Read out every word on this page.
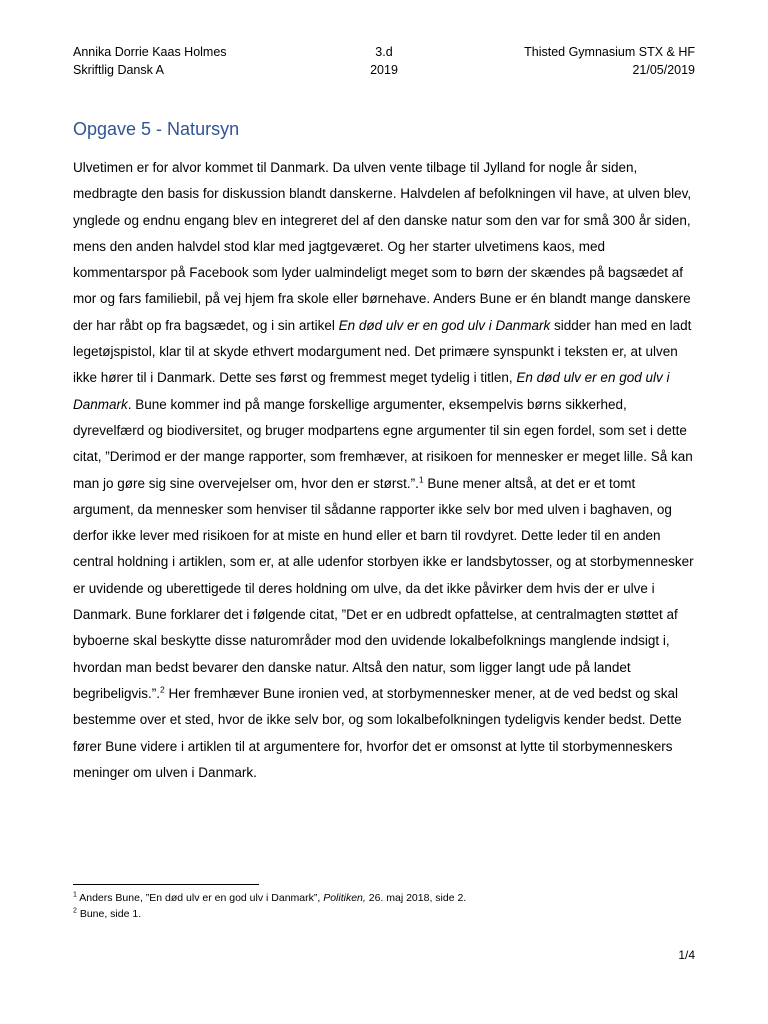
Annika Dorrie Kaas Holmes
Skriftlig Dansk A
3.d
2019
Thisted Gymnasium STX & HF
21/05/2019
Opgave 5 - Natursyn

Ulvetimen er for alvor kommet til Danmark. Da ulven vente tilbage til Jylland for nogle år siden, medbragte den basis for diskussion blandt danskerne. Halvdelen af befolkningen vil have, at ulven blev, ynglede og endnu engang blev en integreret del af den danske natur som den var for små 300 år siden, mens den anden halvdel stod klar med jagtgeværet. Og her starter ulvetimens kaos, med kommentarspor på Facebook som lyder ualmindeligt meget som to børn der skændes på bagsædet af mor og fars familiebil, på vej hjem fra skole eller børnehave. Anders Bune er én blandt mange danskere der har råbt op fra bagsædet, og i sin artikel En død ulv er en god ulv i Danmark sidder han med en ladt legetøjspistol, klar til at skyde ethvert modargument ned. Det primære synspunkt i teksten er, at ulven ikke hører til i Danmark. Dette ses først og fremmest meget tydelig i titlen, En død ulv er en god ulv i Danmark. Bune kommer ind på mange forskellige argumenter, eksempelvis børns sikkerhed, dyrevelfærd og biodiversitet, og bruger modpartens egne argumenter til sin egen fordel, som set i dette citat, ”Derimod er der mange rapporter, som fremhæver, at risikoen for mennesker er meget lille. Så kan man jo gøre sig sine overvejelser om, hvor den er størst.”.$^1$ Bune mener altså, at det er et tomt argument, da mennesker som henviser til sådanne rapporter ikke selv bor med ulven i baghaven, og derfor ikke lever med risikoen for at miste en hund eller et barn til rovdyret. Dette leder til en anden central holdning i artiklen, som er, at alle udenfor storbyen ikke er landsbytosser, og at storbymennesker er uvidende og uberettigede til deres holdning om ulve, da det ikke påvirker dem hvis der er ulve i Danmark. Bune forklarer det i følgende citat, ”Det er en udbredt opfattelse, at centralmagten støttet af byboerne skal beskytte disse naturområder mod den uvidende lokalbefolknings manglende indsigt i, hvordan man bedst bevarer den danske natur. Altså den natur, som ligger langt ude på landet begribeligvis.”.$^2$ Her fremhæver Bune ironien ved, at storbymennesker mener, at de ved bedst og skal bestemme over et sted, hvor de ikke selv bor, og som lokalbefolkningen tydeligvis kender bedst. Dette fører Bune videre i artiklen til at argumentere for, hvorfor det er omsonst at lytte til storbymenneskers meninger om ulven i Danmark.

$^1$ Anders Bune, ”En død ulv er en god ulv i Danmark”, Politiken, 26. maj 2018, side 2.
$^2$ Bune, side 1.
1/4
